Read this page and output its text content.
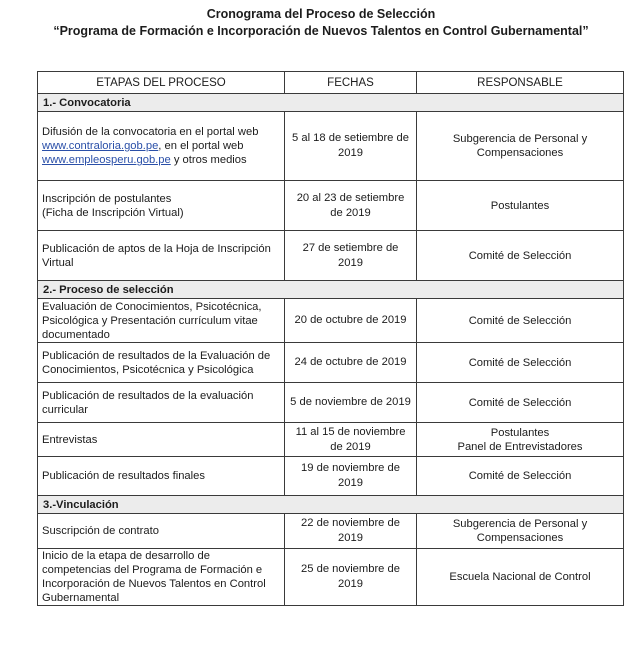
Cronograma del Proceso de Selección
“Programa de Formación e Incorporación de Nuevos Talentos en Control Gubernamental”
ETAPAS DEL PROCESO	FECHAS	RESPONSABLE
1.- Convocatoria		
Difusión de la convocatoria en el portal web
www.contraloria.gob.pe, en el portal web
www.empleosperu.gob.pe y otros medios	5 al 18 de setiembre de 2019	Subgerencia de Personal y Compensaciones
Inscripción de postulantes
(Ficha de Inscripción Virtual)	20 al 23 de setiembre de 2019	Postulantes
Publicación de aptos de la Hoja de Inscripción Virtual	27 de setiembre de 2019	Comité de Selección
2.- Proceso de selección		
Evaluación de Conocimientos, Psicotécnica, Psicológica y Presentación currículum vitae documentado	20 de octubre de 2019	Comité de Selección
Publicación de resultados de la Evaluación de Conocimientos, Psicotécnica y Psicológica	24 de octubre de 2019	Comité de Selección
Publicación de resultados de la evaluación curricular	5 de noviembre de 2019	Comité de Selección
Entrevistas	11 al 15 de noviembre de 2019	Postulantes
Panel de Entrevistadores
Publicación de resultados finales	19 de noviembre de 2019	Comité de Selección
3.-Vinculación		
Suscripción de contrato	22 de noviembre de 2019	Subgerencia de Personal y Compensaciones
Inicio de la etapa de desarrollo de competencias del Programa de Formación e Incorporación de Nuevos Talentos en Control Gubernamental	25 de noviembre de 2019	Escuela Nacional de Control
